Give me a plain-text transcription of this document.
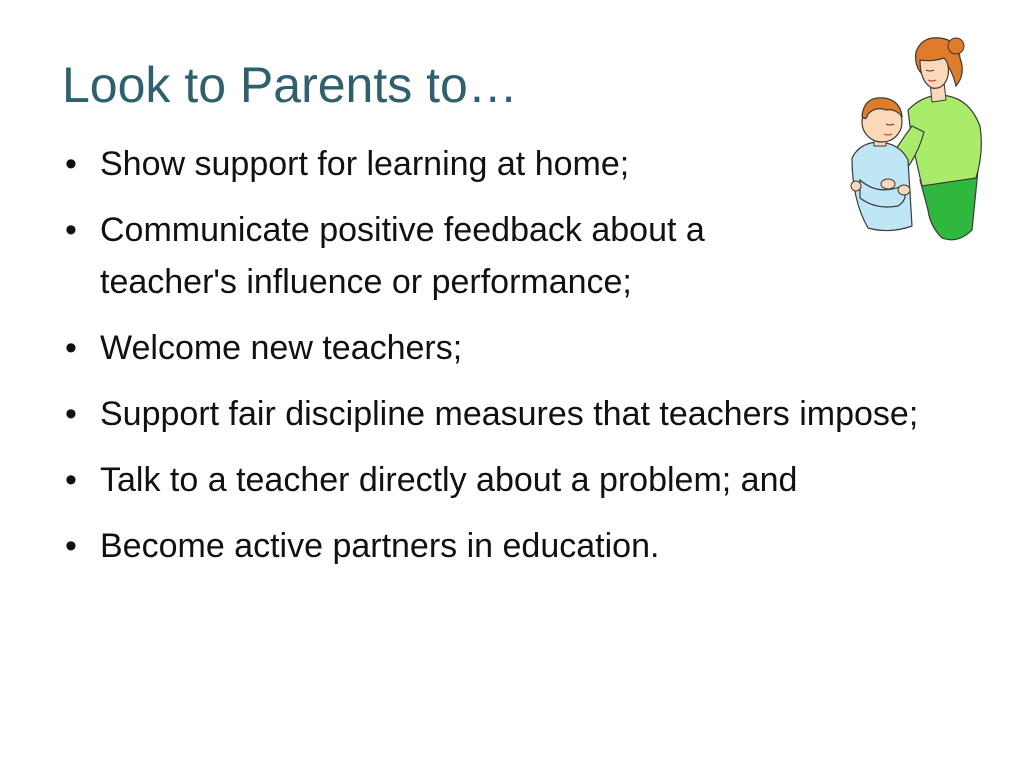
Look to Parents to…
• Show support for learning at home;
• Communicate positive feedback about a teacher's influence or performance;
• Welcome new teachers;
• Support fair discipline measures that teachers impose;
• Talk to a teacher directly about a problem; and
• Become active partners in education.
